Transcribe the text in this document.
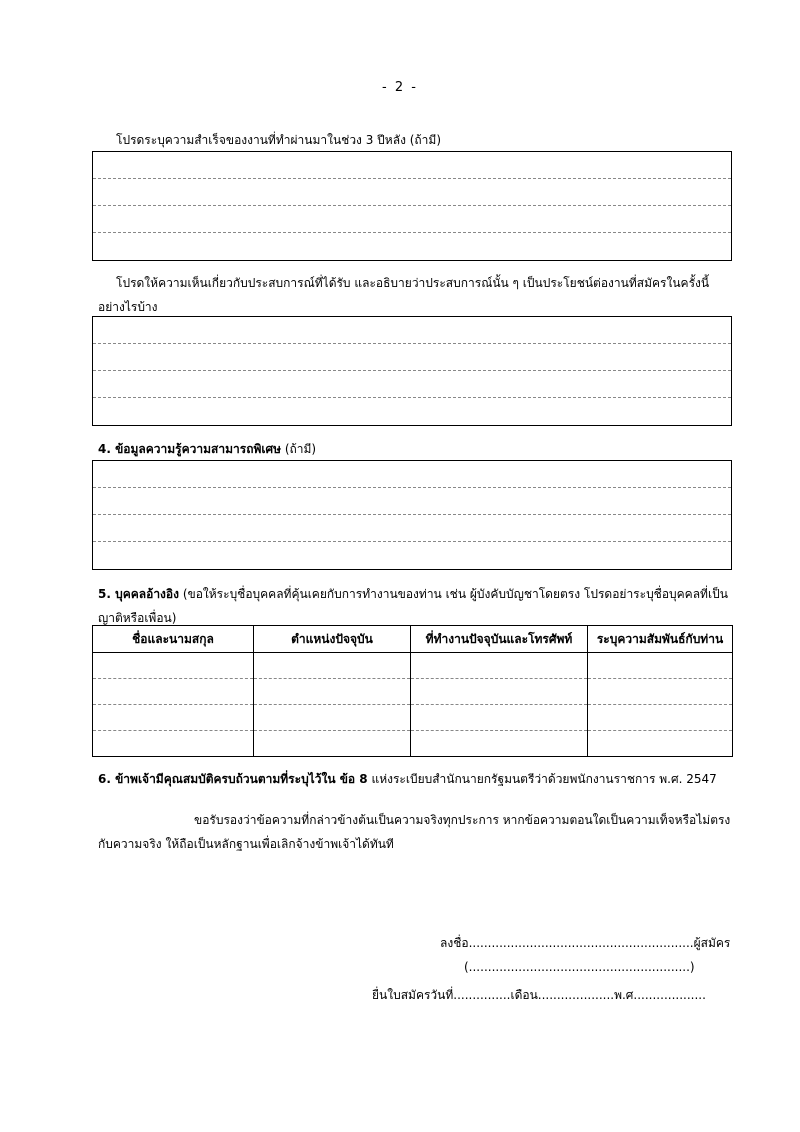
- 2 -
โปรดระบุความสำเร็จของงานที่ทำผ่านมาในช่วง 3 ปีหลัง (ถ้ามี)
โปรดให้ความเห็นเกี่ยวกับประสบการณ์ที่ได้รับ และอธิบายว่าประสบการณ์นั้น ๆ เป็นประโยชน์ต่องานที่สมัครในครั้งนี้อย่างไรบ้าง
4. ข้อมูลความรู้ความสามารถพิเศษ (ถ้ามี)
5. บุคคลอ้างอิง (ขอให้ระบุชื่อบุคคลที่คุ้นเคยกับการทำงานของท่าน เช่น ผู้บังคับบัญชาโดยตรง โปรดอย่าระบุชื่อบุคคลที่เป็นญาติหรือเพื่อน)
ชื่อและนามสกุล	ตำแหน่งปัจจุบัน	ที่ทำงานปัจจุบันและโทรศัพท์	ระบุความสัมพันธ์กับท่าน

6. ข้าพเจ้ามีคุณสมบัติครบถ้วนตามที่ระบุไว้ใน ข้อ 8 แห่งระเบียบสำนักนายกรัฐมนตรีว่าด้วยพนักงานราชการ พ.ศ. 2547
ขอรับรองว่าข้อความที่กล่าวข้างต้นเป็นความจริงทุกประการ หากข้อความตอนใดเป็นความเท็จหรือไม่ตรงกับความจริง ให้ถือเป็นหลักฐานเพื่อเลิกจ้างข้าพเจ้าได้ทันที
ลงชื่อ...........................................................ผู้สมัคร
(..........................................................)
ยื่นใบสมัครวันที่...............เดือน....................พ.ศ...................
